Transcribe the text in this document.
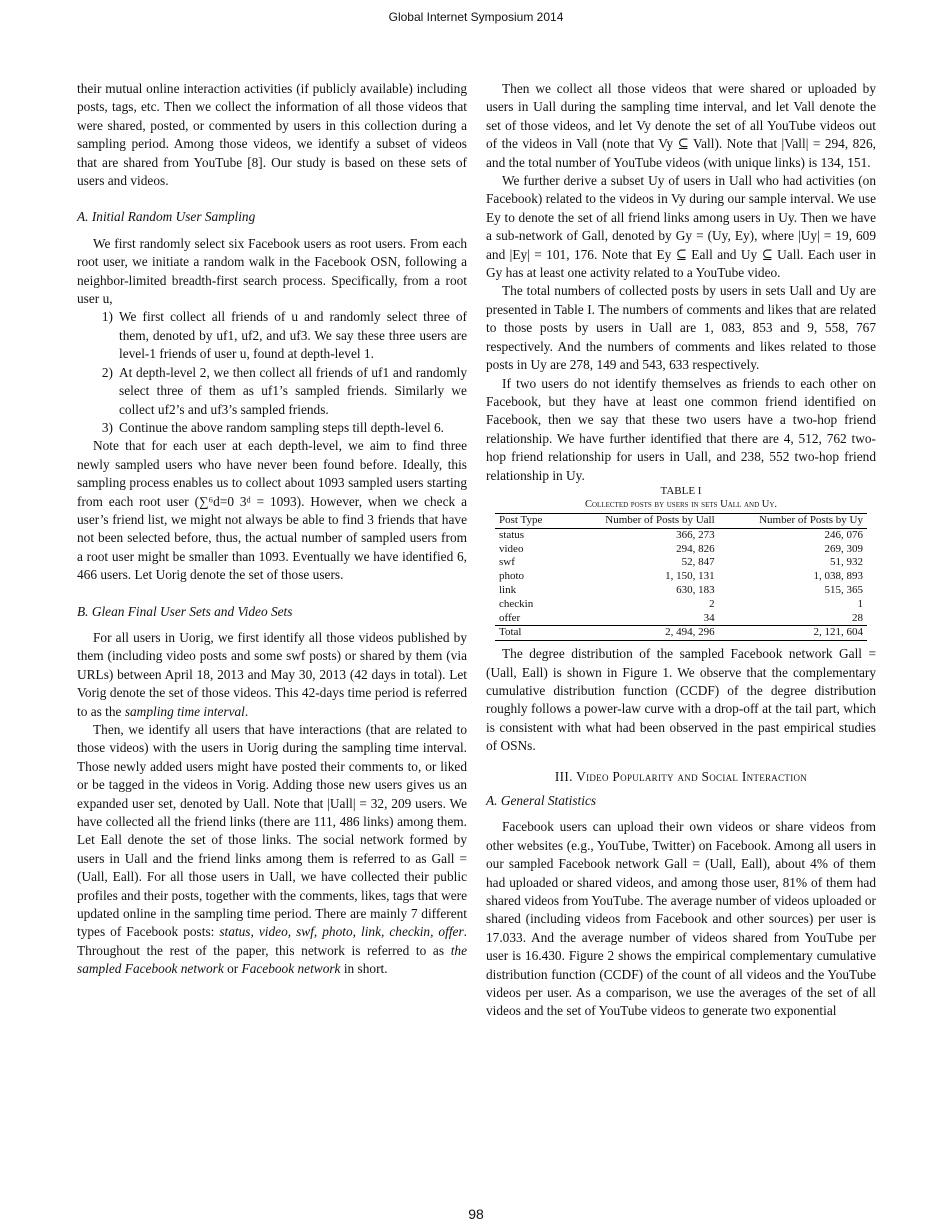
Global Internet Symposium 2014

their mutual online interaction activities (if publicly available) including posts, tags, etc. Then we collect the information of all those videos that were shared, posted, or commented by users in this collection during a sampling period. Among those videos, we identify a subset of videos that are shared from YouTube [8]. Our study is based on these sets of users and videos.

A. Initial Random User Sampling

We first randomly select six Facebook users as root users. From each root user, we initiate a random walk in the Facebook OSN, following a neighbor-limited breadth-first search process. Specifically, from a root user u,

1) We first collect all friends of u and randomly select three of them, denoted by uf1, uf2, and uf3. We say these three users are level-1 friends of user u, found at depth-level 1.
2) At depth-level 2, we then collect all friends of uf1 and randomly select three of them as uf1’s sampled friends. Similarly we collect uf2’s and uf3’s sampled friends.
3) Continue the above random sampling steps till depth-level 6.

Note that for each user at each depth-level, we aim to find three newly sampled users who have never been found before. Ideally, this sampling process enables us to collect about 1093 sampled users starting from each root user (∑⁶d=0 3ᵈ = 1093). However, when we check a user’s friend list, we might not always be able to find 3 friends that have not been selected before, thus, the actual number of sampled users from a root user might be smaller than 1093. Eventually we have identified 6, 466 users. Let Uorig denote the set of those users.

B. Glean Final User Sets and Video Sets

For all users in Uorig, we first identify all those videos published by them (including video posts and some swf posts) or shared by them (via URLs) between April 18, 2013 and May 30, 2013 (42 days in total). Let Vorig denote the set of those videos. This 42-days time period is referred to as the sampling time interval.

Then, we identify all users that have interactions (that are related to those videos) with the users in Uorig during the sampling time interval. Those newly added users might have posted their comments to, or liked or be tagged in the videos in Vorig. Adding those new users gives us an expanded user set, denoted by Uall. Note that |Uall| = 32, 209 users. We have collected all the friend links (there are 111, 486 links) among them. Let Eall denote the set of those links. The social network formed by users in Uall and the friend links among them is referred to as Gall = (Uall, Eall). For all those users in Uall, we have collected their public profiles and their posts, together with the comments, likes, tags that were updated online in the sampling time period. There are mainly 7 different types of Facebook posts: status, video, swf, photo, link, checkin, offer. Throughout the rest of the paper, this network is referred to as the sampled Facebook network or Facebook network in short.

Then we collect all those videos that were shared or uploaded by users in Uall during the sampling time interval, and let Vall denote the set of those videos, and let Vy denote the set of all YouTube videos out of the videos in Vall (note that Vy ⊆ Vall). Note that |Vall| = 294, 826, and the total number of YouTube videos (with unique links) is 134, 151.

We further derive a subset Uy of users in Uall who had activities (on Facebook) related to the videos in Vy during our sample interval. We use Ey to denote the set of all friend links among users in Uy. Then we have a sub-network of Gall, denoted by Gy = (Uy, Ey), where |Uy| = 19, 609 and |Ey| = 101, 176. Note that Ey ⊆ Eall and Uy ⊆ Uall. Each user in Gy has at least one activity related to a YouTube video.

The total numbers of collected posts by users in sets Uall and Uy are presented in Table I. The numbers of comments and likes that are related to those posts by users in Uall are 1, 083, 853 and 9, 558, 767 respectively. And the numbers of comments and likes related to those posts in Uy are 278, 149 and 543, 633 respectively.

If two users do not identify themselves as friends to each other on Facebook, but they have at least one common friend identified on Facebook, then we say that these two users have a two-hop friend relationship. We have further identified that there are 4, 512, 762 two-hop friend relationship for users in Uall, and 238, 552 two-hop friend relationship in Uy.

TABLE I
Collected posts by users in sets Uall and Uy.
Post Type	Number of Posts by Uall	Number of Posts by Uy
status	366, 273	246, 076
video	294, 826	269, 309
swf	52, 847	51, 932
photo	1, 150, 131	1, 038, 893
link	630, 183	515, 365
checkin	2	1
offer	34	28
Total	2, 494, 296	2, 121, 604

The degree distribution of the sampled Facebook network Gall = (Uall, Eall) is shown in Figure 1. We observe that the complementary cumulative distribution function (CCDF) of the degree distribution roughly follows a power-law curve with a drop-off at the tail part, which is consistent with what had been observed in the past empirical studies of OSNs.

III. Video Popularity and Social Interaction
A. General Statistics

Facebook users can upload their own videos or share videos from other websites (e.g., YouTube, Twitter) on Facebook. Among all users in our sampled Facebook network Gall = (Uall, Eall), about 4% of them had uploaded or shared videos, and among those user, 81% of them had shared videos from YouTube. The average number of videos uploaded or shared (including videos from Facebook and other sources) per user is 17.033. And the average number of videos shared from YouTube per user is 16.430. Figure 2 shows the empirical complementary cumulative distribution function (CCDF) of the count of all videos and the YouTube videos per user. As a comparison, we use the averages of the set of all videos and the set of YouTube videos to generate two exponential

98
